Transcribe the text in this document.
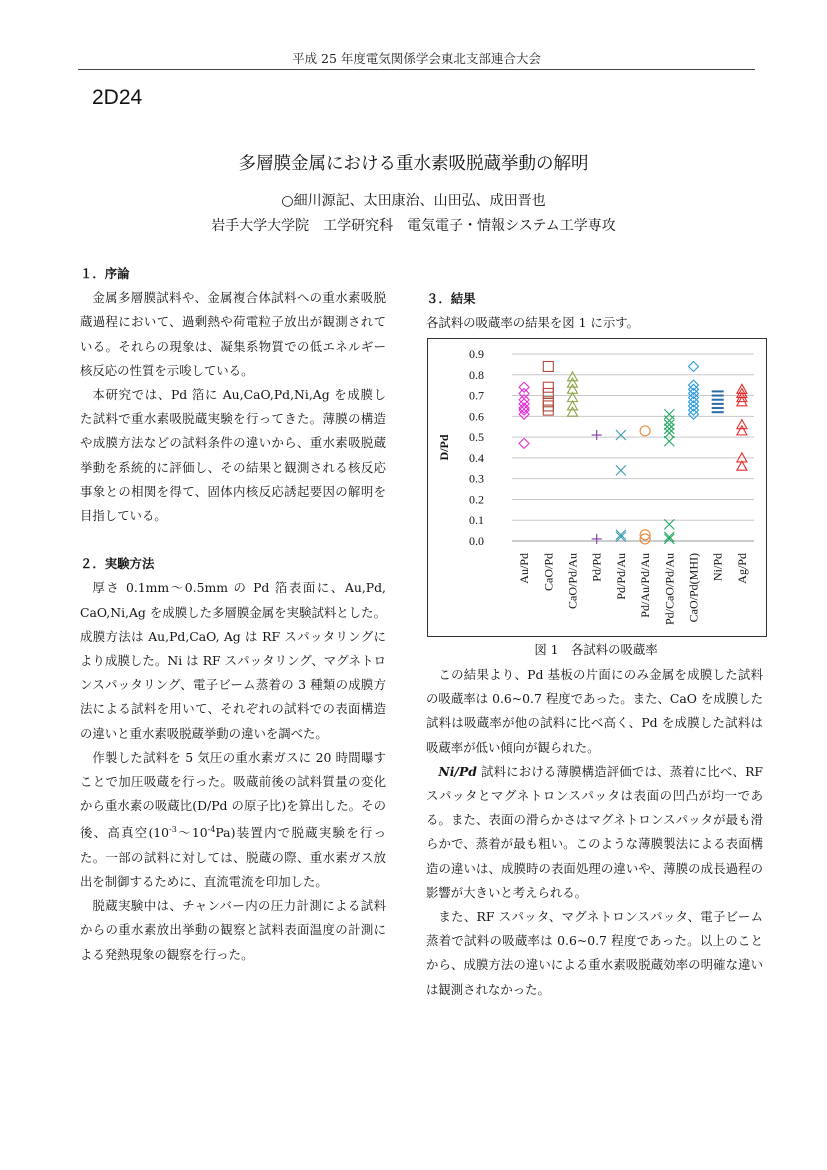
平成 25 年度電気関係学会東北支部連合大会
2D24
多層膜金属における重水素吸脱蔵挙動の解明
○細川源記、太田康治、山田弘、成田晋也
岩手大学大学院　工学研究科　電気電子・情報システム工学専攻

１．序論

金属多層膜試料や、金属複合体試料への重水素吸脱蔵過程において、過剰熱や荷電粒子放出が観測されている。それらの現象は、凝集系物質での低エネルギー核反応の性質を示唆している。

本研究では、Pd 箔に Au,CaO,Pd,Ni,Ag を成膜した試料で重水素吸脱蔵実験を行ってきた。薄膜の構造や成膜方法などの試料条件の違いから、重水素吸脱蔵挙動を系統的に評価し、その結果と観測される核反応事象との相関を得て、固体内核反応誘起要因の解明を目指している。

２．実験方法

厚さ 0.1mm～0.5mm の Pd 箔表面に、Au,Pd, CaO,Ni,Ag を成膜した多層膜金属を実験試料とした。成膜方法は Au,Pd,CaO, Ag は RF スパッタリングにより成膜した。Ni は RF スパッタリング、マグネトロンスパッタリング、電子ビーム蒸着の 3 種類の成膜方法による試料を用いて、それぞれの試料での表面構造の違いと重水素吸脱蔵挙動の違いを調べた。

作製した試料を 5 気圧の重水素ガスに 20 時間曝すことで加圧吸蔵を行った。吸蔵前後の試料質量の変化から重水素の吸蔵比(D/Pd の原子比)を算出した。その後、高真空$(10^{-3}\sim 10^{-4}Pa)$装置内で脱蔵実験を行った。一部の試料に対しては、脱蔵の際、重水素ガス放出を制御するために、直流電流を印加した。

脱蔵実験中は、チャンバー内の圧力計測による試料からの重水素放出挙動の観察と試料表面温度の計測による発熱現象の観察を行った。

３．結果

各試料の吸蔵率の結果を図 1 に示す。

0.0
0.1
0.2
0.3
0.4
0.5
0.6
0.7
0.8
0.9
D/Pd
Au/Pd CaO/Pd CaO/Pd/Au Pd/Pd Pd/Pd/Au Pd/Au/Pd/Au Pd/CaO/Pd/Au CaO/Pd(MHI) Ni/Pd Ag/Pd
図 1　各試料の吸蔵率

この結果より、Pd 基板の片面にのみ金属を成膜した試料の吸蔵率は 0.6~0.7 程度であった。また、CaO を成膜した試料は吸蔵率が他の試料に比べ高く、Pd を成膜した試料は吸蔵率が低い傾向が観られた。

Ni/Pd 試料における薄膜構造評価では、蒸着に比べ、RF スパッタとマグネトロンスパッタは表面の凹凸が均一である。また、表面の滑らかさはマグネトロンスパッタが最も滑らかで、蒸着が最も粗い。このような薄膜製法による表面構造の違いは、成膜時の表面処理の違いや、薄膜の成長過程の影響が大きいと考えられる。

また、RF スパッタ、マグネトロンスパッタ、電子ビーム蒸着で試料の吸蔵率は 0.6~0.7 程度であった。以上のことから、成膜方法の違いによる重水素吸脱蔵効率の明確な違いは観測されなかった。
